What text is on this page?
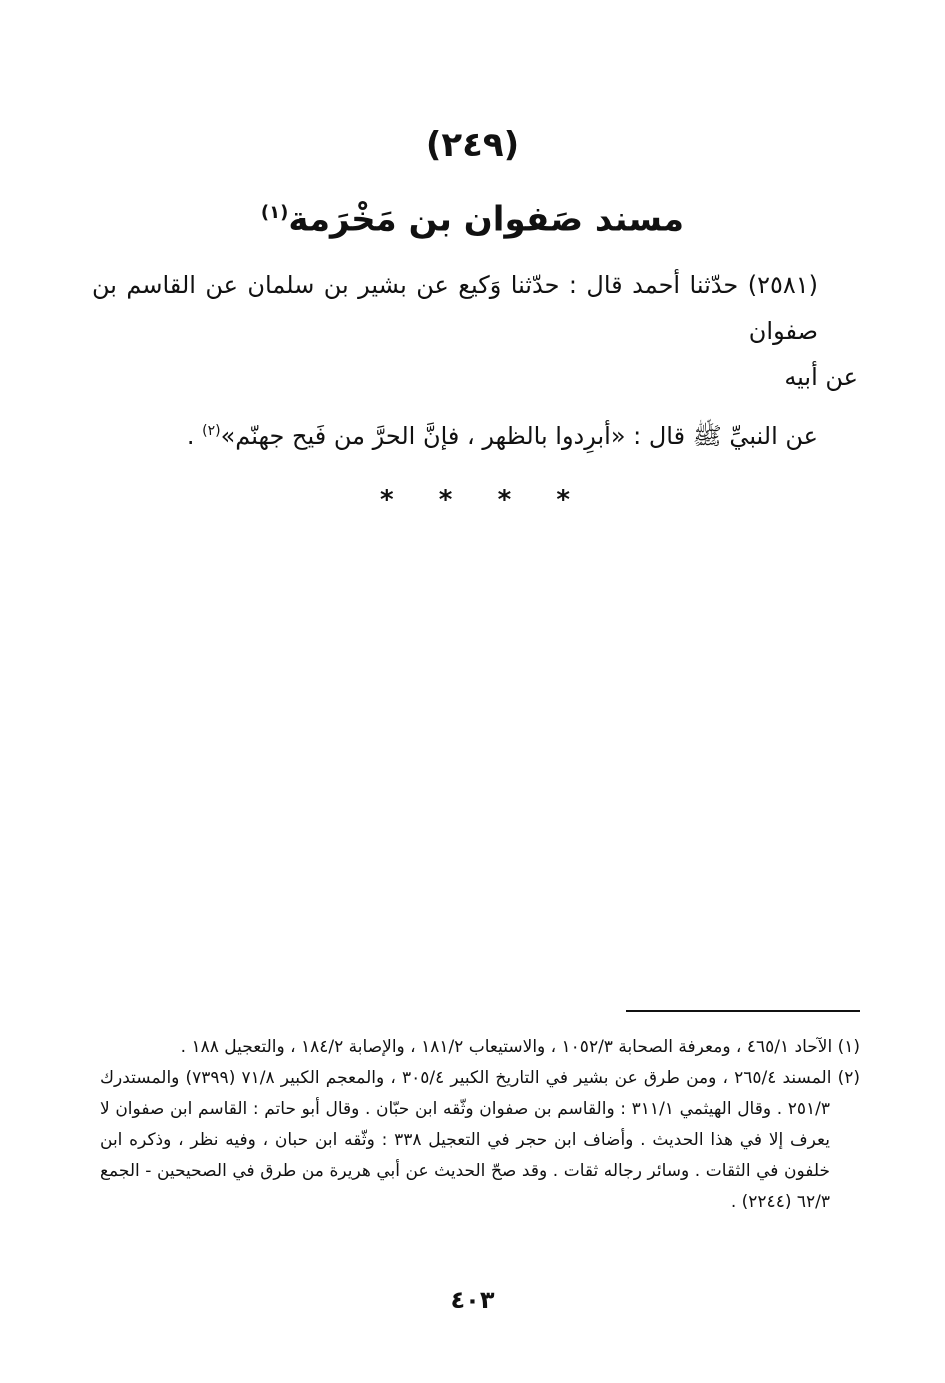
(٢٤٩)
مسند صَفوان بن مَخْرَمة$^{(١)}$

(٢٥٨١) حدّثنا أحمد قال : حدّثنا وَكيع عن بشير بن سلمان عن القاسم بن صفوان
عن أبيه

عن النبيِّ ﷺ قال : «أبرِدوا بالظهر ، فإنَّ الحرَّ من فَيح جهنّم»$^{(٢)}$ .

* * * *

(١) الآحاد ٤٦٥/١ ، ومعرفة الصحابة ١٠٥٢/٣ ، والاستيعاب ١٨١/٢ ، والإصابة ١٨٤/٢ ، والتعجيل ١٨٨ .

(٢) المسند ٢٦٥/٤ ، ومن طرق عن بشير في التاريخ الكبير ٣٠٥/٤ ، والمعجم الكبير ٧١/٨ (٧٣٩٩) والمستدرك ٢٥١/٣ . وقال الهيثمي ٣١١/١ : والقاسم بن صفوان وثّقه ابن حبّان . وقال أبو حاتم : القاسم ابن صفوان لا يعرف إلا في هذا الحديث . وأضاف ابن حجر في التعجيل ٣٣٨ : وثّقه ابن حبان ، وفيه نظر ، وذكره ابن خلفون في الثقات . وسائر رجاله ثقات . وقد صحّ الحديث عن أبي هريرة من طرق في الصحيحين - الجمع ٦٢/٣ (٢٢٤٤) .

٤٠٣
